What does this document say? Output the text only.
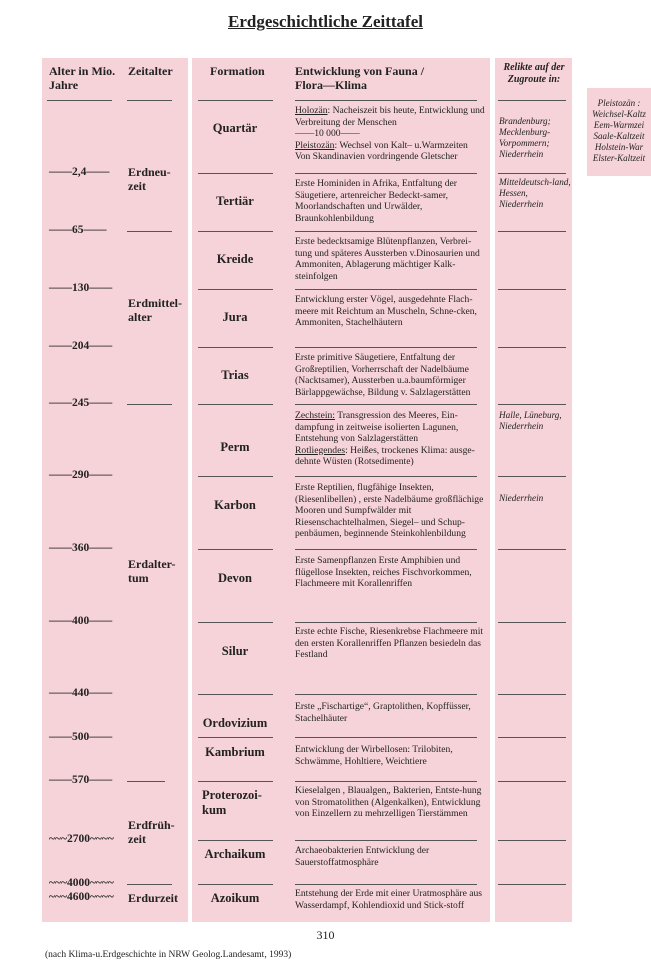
Erdgeschichtliche Zeittafel
Alter in Mio. Jahre
Zeitalter	Formation	Entwicklung von Fauna / Flora—Klima
Relikte auf der Zugroute in:
——2,4——
——65——
——130——
——204——
——245——
——290——
——360——
——400——
——440——
——500——
——570——
~~~2700~~~~
~~~4000~~~~
~~~4600~~~~
Erdneu-zeit
Erdmittel-alter
Erdalter-tum
Erdfrüh-zeit
Erdurzeit
Quartär
Tertiär
Kreide
Jura
Trias
Perm
Karbon
Devon
Silur
Ordovizium
Kambrium
Proterozoi-kum
Archaikum
Azoikum
Holozän: Nacheiszeit bis heute, Entwicklung und Verbreitung der Menschen
——10 000——
Pleistozän: Wechsel von Kalt– u.Warmzeiten Von Skandinavien vordringende Gletscher
Erste Hominiden in Afrika, Entfaltung der Säugetiere, artenreicher Bedeckt-samer, Moorlandschaften und Urwälder, Braunkohlenbildung
Erste bedecktsamige Blütenpflanzen, Verbrei-tung und späteres Aussterben v.Dinosaurien und Ammoniten, Ablagerung mächtiger Kalk-steinfolgen
Entwicklung erster Vögel, ausgedehnte Flach-meere mit Reichtum an Muscheln, Schne-cken, Ammoniten, Stachelhäutern
Erste primitive Säugetiere, Entfaltung der Großreptilien, Vorherrschaft der Nadelbäume (Nacktsamer), Aussterben u.a.baumförmiger Bärlappgewächse, Bildung v. Salzlagerstätten
Zechstein: Transgression des Meeres, Ein-dampfung in zeitweise isolierten Lagunen, Entstehung von Salzlagerstätten
Rotliegendes: Heißes, trockenes Klima: ausge-dehnte Wüsten (Rotsedimente)
Erste Reptilien, flugfähige Insekten, (Riesenlibellen) , erste Nadelbäume großflächige Mooren und Sumpfwälder mit Riesenschachtelhalmen, Siegel– und Schup-penbäumen, beginnende Steinkohlenbildung
Erste Samenpflanzen Erste Amphibien und flügellose Insekten, reiches Fischvorkommen, Flachmeere mit Korallenriffen
Erste echte Fische, Riesenkrebse Flachmeere mit den ersten Korallenriffen Pflanzen besiedeln das Festland
Erste „Fischartige“, Graptolithen, Kopffüsser, Stachelhäuter
Entwicklung der Wirbellosen: Trilobiten, Schwämme, Hohltiere, Weichtiere
Kieselalgen , Blaualgen„ Bakterien, Entste-hung von Stromatolithen (Algenkalken), Entwicklung von Einzellern zu mehrzelligen Tierstämmen
Archaeobakterien Entwicklung der Sauerstoffatmosphäre
Entstehung der Erde mit einer Uratmosphäre aus Wasserdampf, Kohlendioxid und Stick-stoff
Brandenburg; Mecklenburg-Vorpommern; Niederrhein
Mitteldeutsch-land, Hessen, Niederrhein
Halle, Lüneburg, Niederrhein
Niederrhein
Pleistozän :
Weichsel-Kaltz
Eem-Warmzei
Saale-Kaltzeit
Holstein-War
Elster-Kaltzeit
310
(nach Klima-u.Erdgeschichte in NRW Geolog.Landesamt, 1993)
